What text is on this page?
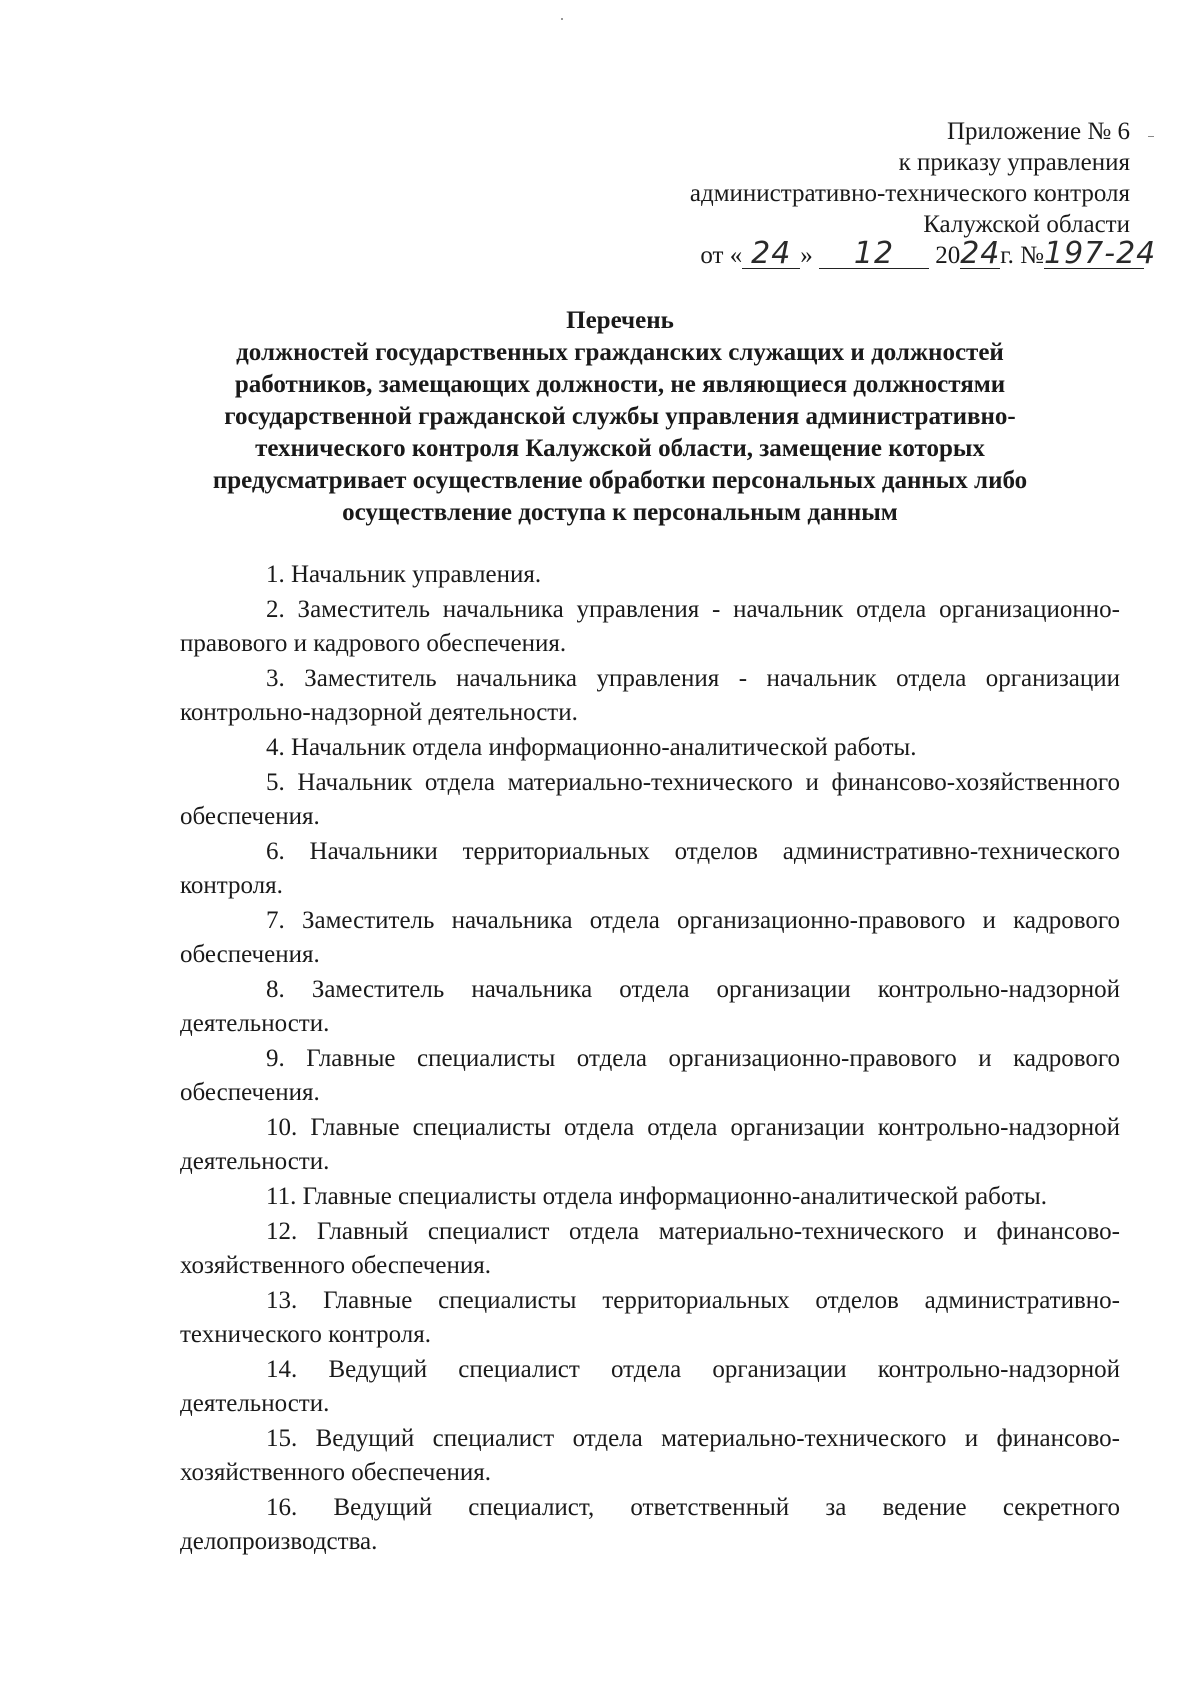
Приложение № 6
к приказу управления
административно-технического контроля
Калужской области
от « 24 » 12 2024г. №197-24
Перечень
должностей государственных гражданских служащих и должностей
работников, замещающих должности, не являющиеся должностями
государственной гражданской службы управления административно-
технического контроля Калужской области, замещение которых
предусматривает осуществление обработки персональных данных либо
осуществление доступа к персональным данным

1. Начальник управления.

2. Заместитель начальника управления - начальник отдела организационно-правового и кадрового обеспечения.

3. Заместитель начальника управления - начальник отдела организации контрольно-надзорной деятельности.

4. Начальник отдела информационно-аналитической работы.

5. Начальник отдела материально-технического и финансово-хозяйственного обеспечения.

6. Начальники территориальных отделов административно-технического контроля.

7. Заместитель начальника отдела организационно-правового и кадрового обеспечения.

8. Заместитель начальника отдела организации контрольно-надзорной деятельности.

9. Главные специалисты отдела организационно-правового и кадрового обеспечения.

10. Главные специалисты отдела отдела организации контрольно-надзорной деятельности.

11. Главные специалисты отдела информационно-аналитической работы.

12. Главный специалист отдела материально-технического и финансово-хозяйственного обеспечения.

13. Главные специалисты территориальных отделов административно-технического контроля.

14. Ведущий специалист отдела организации контрольно-надзорной деятельности.

15. Ведущий специалист отдела материально-технического и финансово-хозяйственного обеспечения.

16. Ведущий специалист, ответственный за ведение секретного делопроизводства.
